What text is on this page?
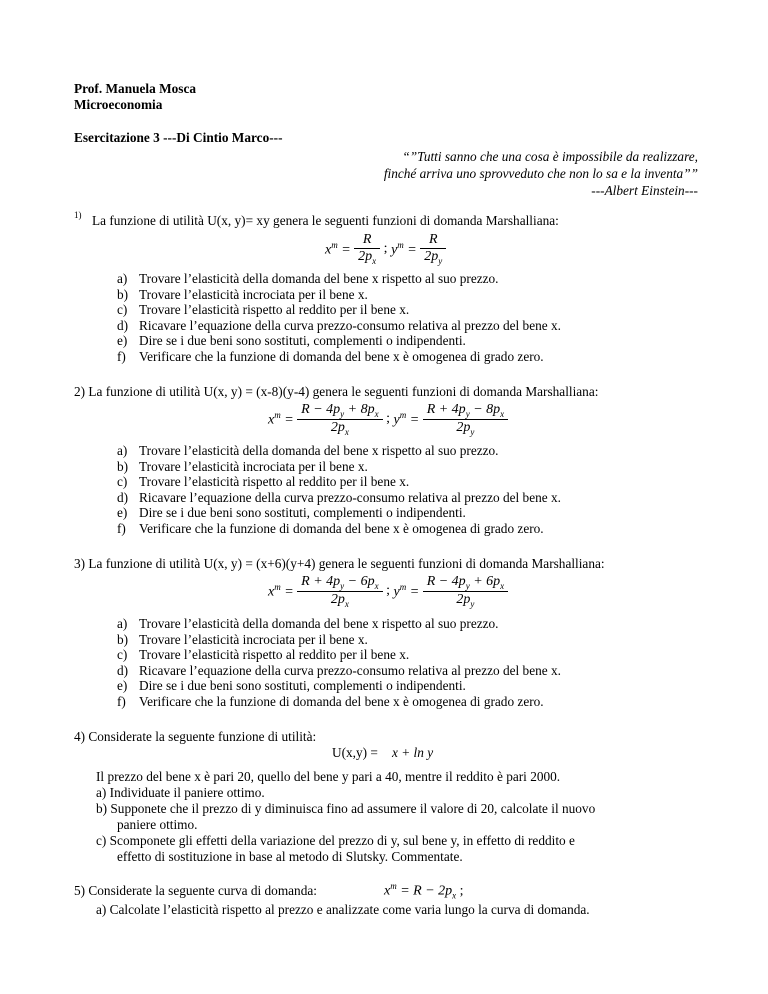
Prof. Manuela Mosca
Microeconomia
Esercitazione 3 ---Di Cintio Marco---
“”Tutti sanno che una cosa è impossibile da realizzare,
finché arriva uno sprovveduto che non lo sa e la inventa””
---Albert Einstein---
1) La funzione di utilità U(x, y)= xy genera le seguenti funzioni di domanda Marshalliana:
$x^m = \frac{R}{2p_x}$ ; $y^m = \frac{R}{2p_y}$
a) Trovare l’elasticità della domanda del bene x rispetto al suo prezzo.
b) Trovare l’elasticità incrociata per il bene x.
c) Trovare l’elasticità rispetto al reddito per il bene x.
d) Ricavare l’equazione della curva prezzo-consumo relativa al prezzo del bene x.
e) Dire se i due beni sono sostituti, complementi o indipendenti.
f) Verificare che la funzione di domanda del bene x è omogenea di grado zero.
2) La funzione di utilità U(x, y) = (x-8)(y-4) genera le seguenti funzioni di domanda Marshalliana:
$x^m = \frac{R - 4p_y + 8p_x}{2p_x}$ ; $y^m = \frac{R + 4p_y - 8p_x}{2p_y}$
a) Trovare l’elasticità della domanda del bene x rispetto al suo prezzo.
b) Trovare l’elasticità incrociata per il bene x.
c) Trovare l’elasticità rispetto al reddito per il bene x.
d) Ricavare l’equazione della curva prezzo-consumo relativa al prezzo del bene x.
e) Dire se i due beni sono sostituti, complementi o indipendenti.
f) Verificare che la funzione di domanda del bene x è omogenea di grado zero.
3) La funzione di utilità U(x, y) = (x+6)(y+4) genera le seguenti funzioni di domanda Marshalliana:
$x^m = \frac{R + 4p_y - 6p_x}{2p_x}$ ; $y^m = \frac{R - 4p_y + 6p_x}{2p_y}$
a) Trovare l’elasticità della domanda del bene x rispetto al suo prezzo.
b) Trovare l’elasticità incrociata per il bene x.
c) Trovare l’elasticità rispetto al reddito per il bene x.
d) Ricavare l’equazione della curva prezzo-consumo relativa al prezzo del bene x.
e) Dire se i due beni sono sostituti, complementi o indipendenti.
f) Verificare che la funzione di domanda del bene x è omogenea di grado zero.
4) Considerate la seguente funzione di utilità:
U(x,y) = x + ln y
Il prezzo del bene x è pari 20, quello del bene y pari a 40, mentre il reddito è pari 2000.
a) Individuate il paniere ottimo.
b) Supponete che il prezzo di y diminuisca fino ad assumere il valore di 20, calcolate il nuovo
paniere ottimo.
c) Scomponete gli effetti della variazione del prezzo di y, sul bene y, in effetto di reddito e
effetto di sostituzione in base al metodo di Slutsky. Commentate.
5) Considerate la seguente curva di domanda:	$x^m = R - 2p_x$ ;
a) Calcolate l’elasticità rispetto al prezzo e analizzate come varia lungo la curva di domanda.
